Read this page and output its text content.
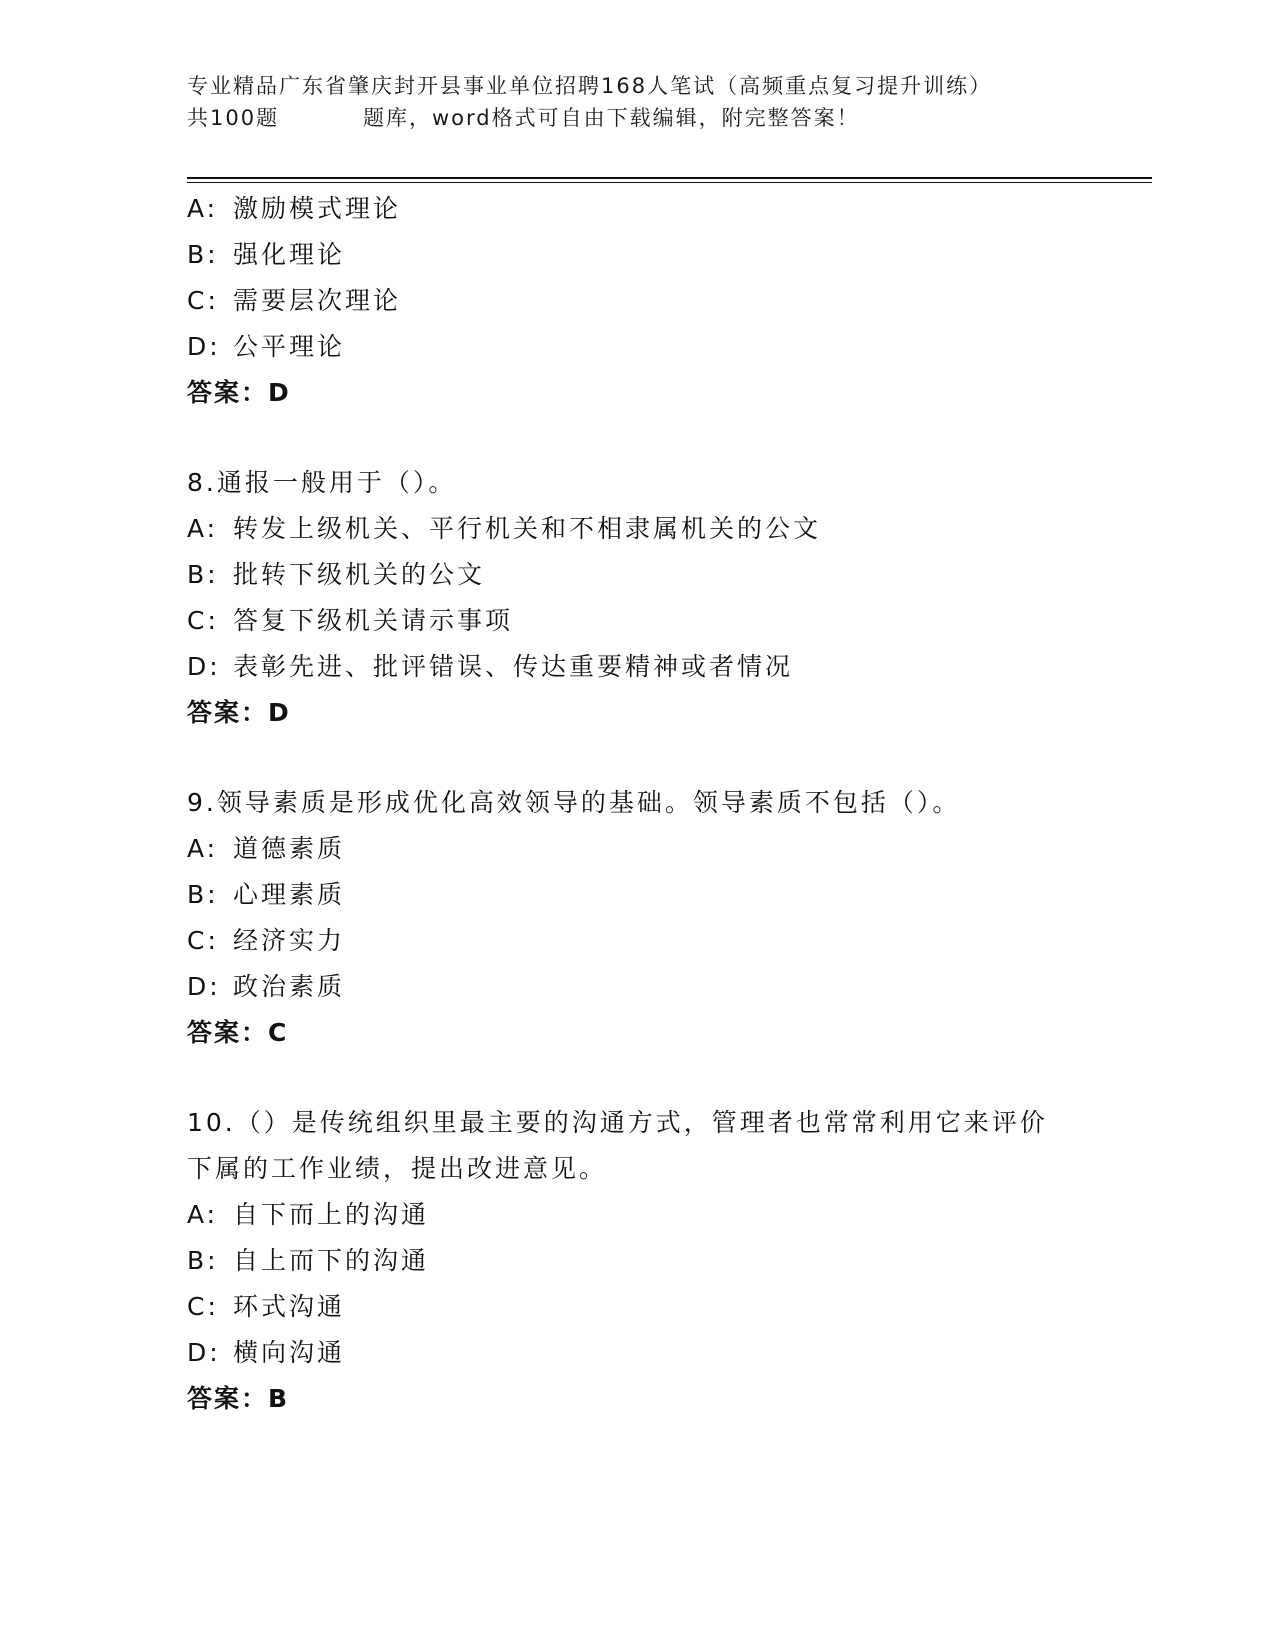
专业精品广东省肇庆封开县事业单位招聘168人笔试（高频重点复习提升训练）
共100题	题库，word格式可自由下载编辑，附完整答案！
A: 激励模式理论
B: 强化理论
C: 需要层次理论
D: 公平理论
答案：D
8.通报一般用于（）。
A: 转发上级机关、平行机关和不相隶属机关的公文
B: 批转下级机关的公文
C: 答复下级机关请示事项
D: 表彰先进、批评错误、传达重要精神或者情况
答案：D
9.领导素质是形成优化高效领导的基础。领导素质不包括（）。
A: 道德素质
B: 心理素质
C: 经济实力
D: 政治素质
答案：C
10.（）是传统组织里最主要的沟通方式，管理者也常常利用它来评价
下属的工作业绩，提出改进意见。
A: 自下而上的沟通
B: 自上而下的沟通
C: 环式沟通
D: 横向沟通
答案：B
